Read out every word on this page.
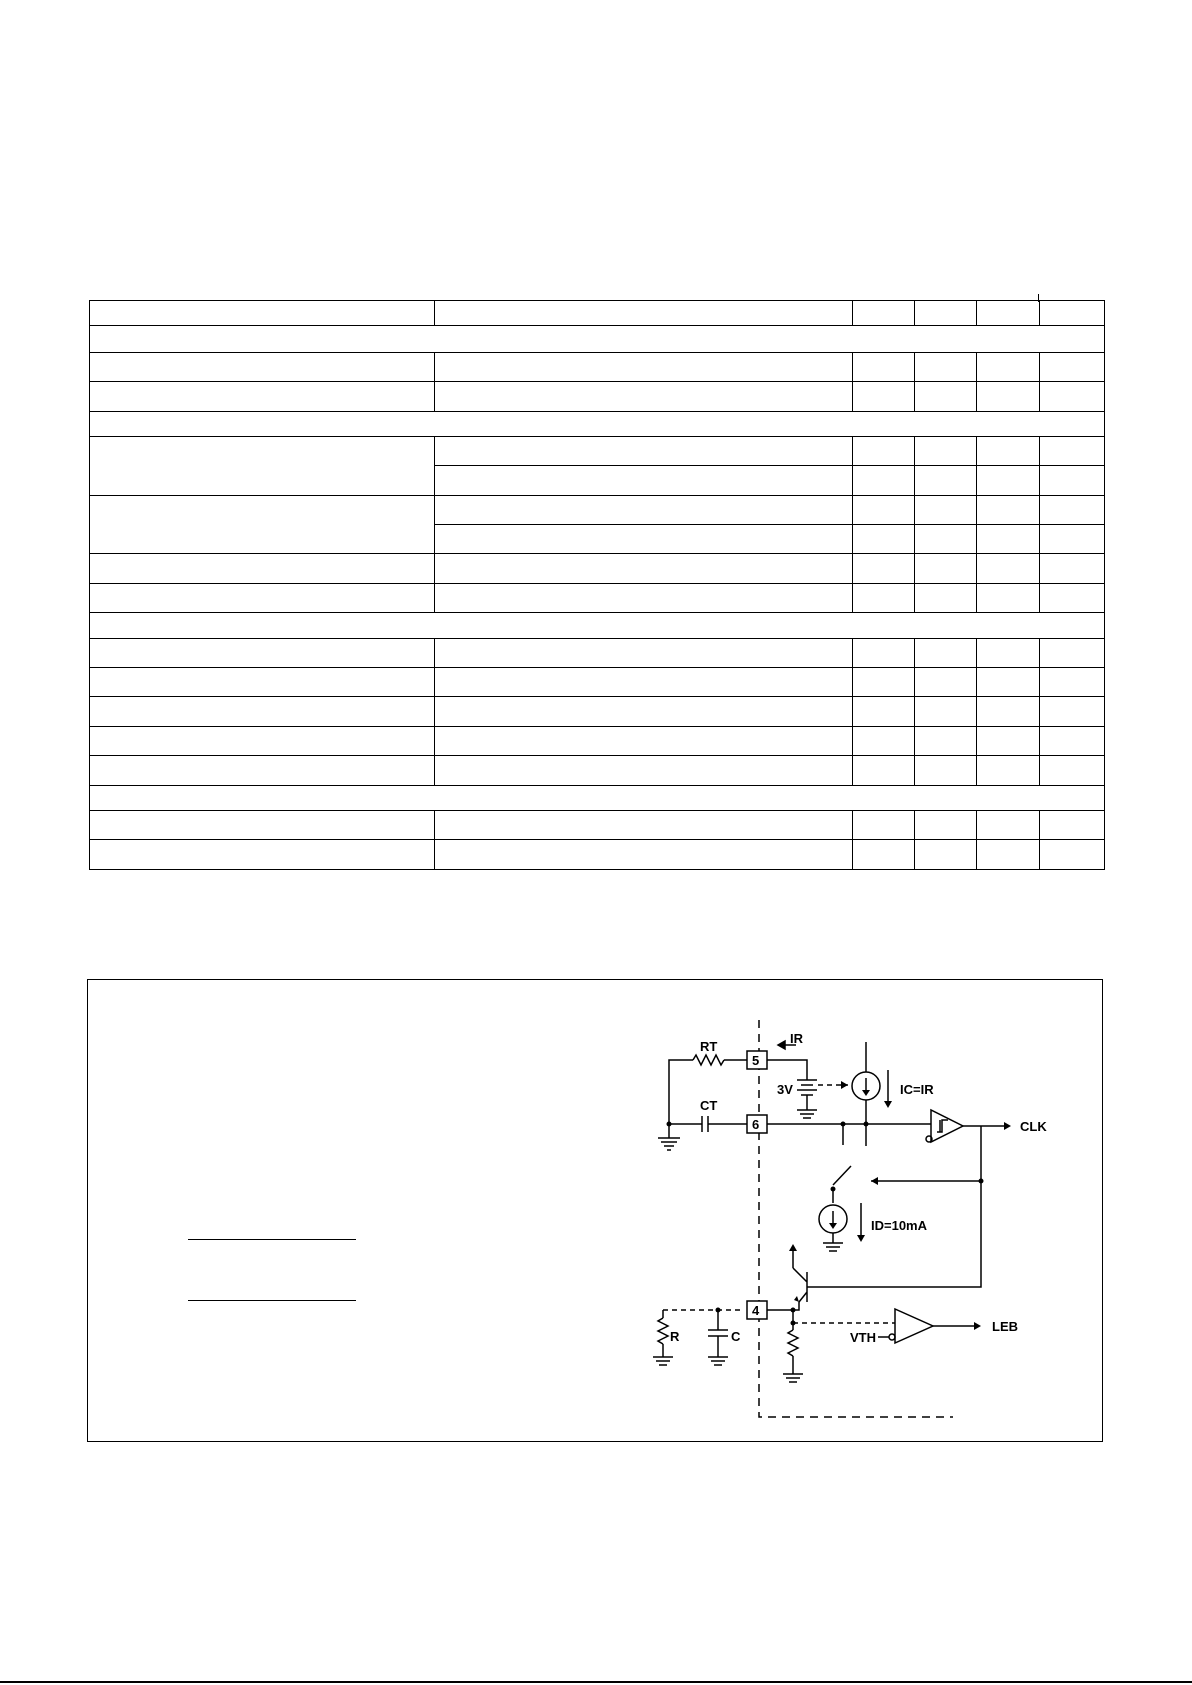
5
RT
IR
3V	IC=IR
CT
6	CLK
ID=10mA
R	C
4
VTH
LEB
